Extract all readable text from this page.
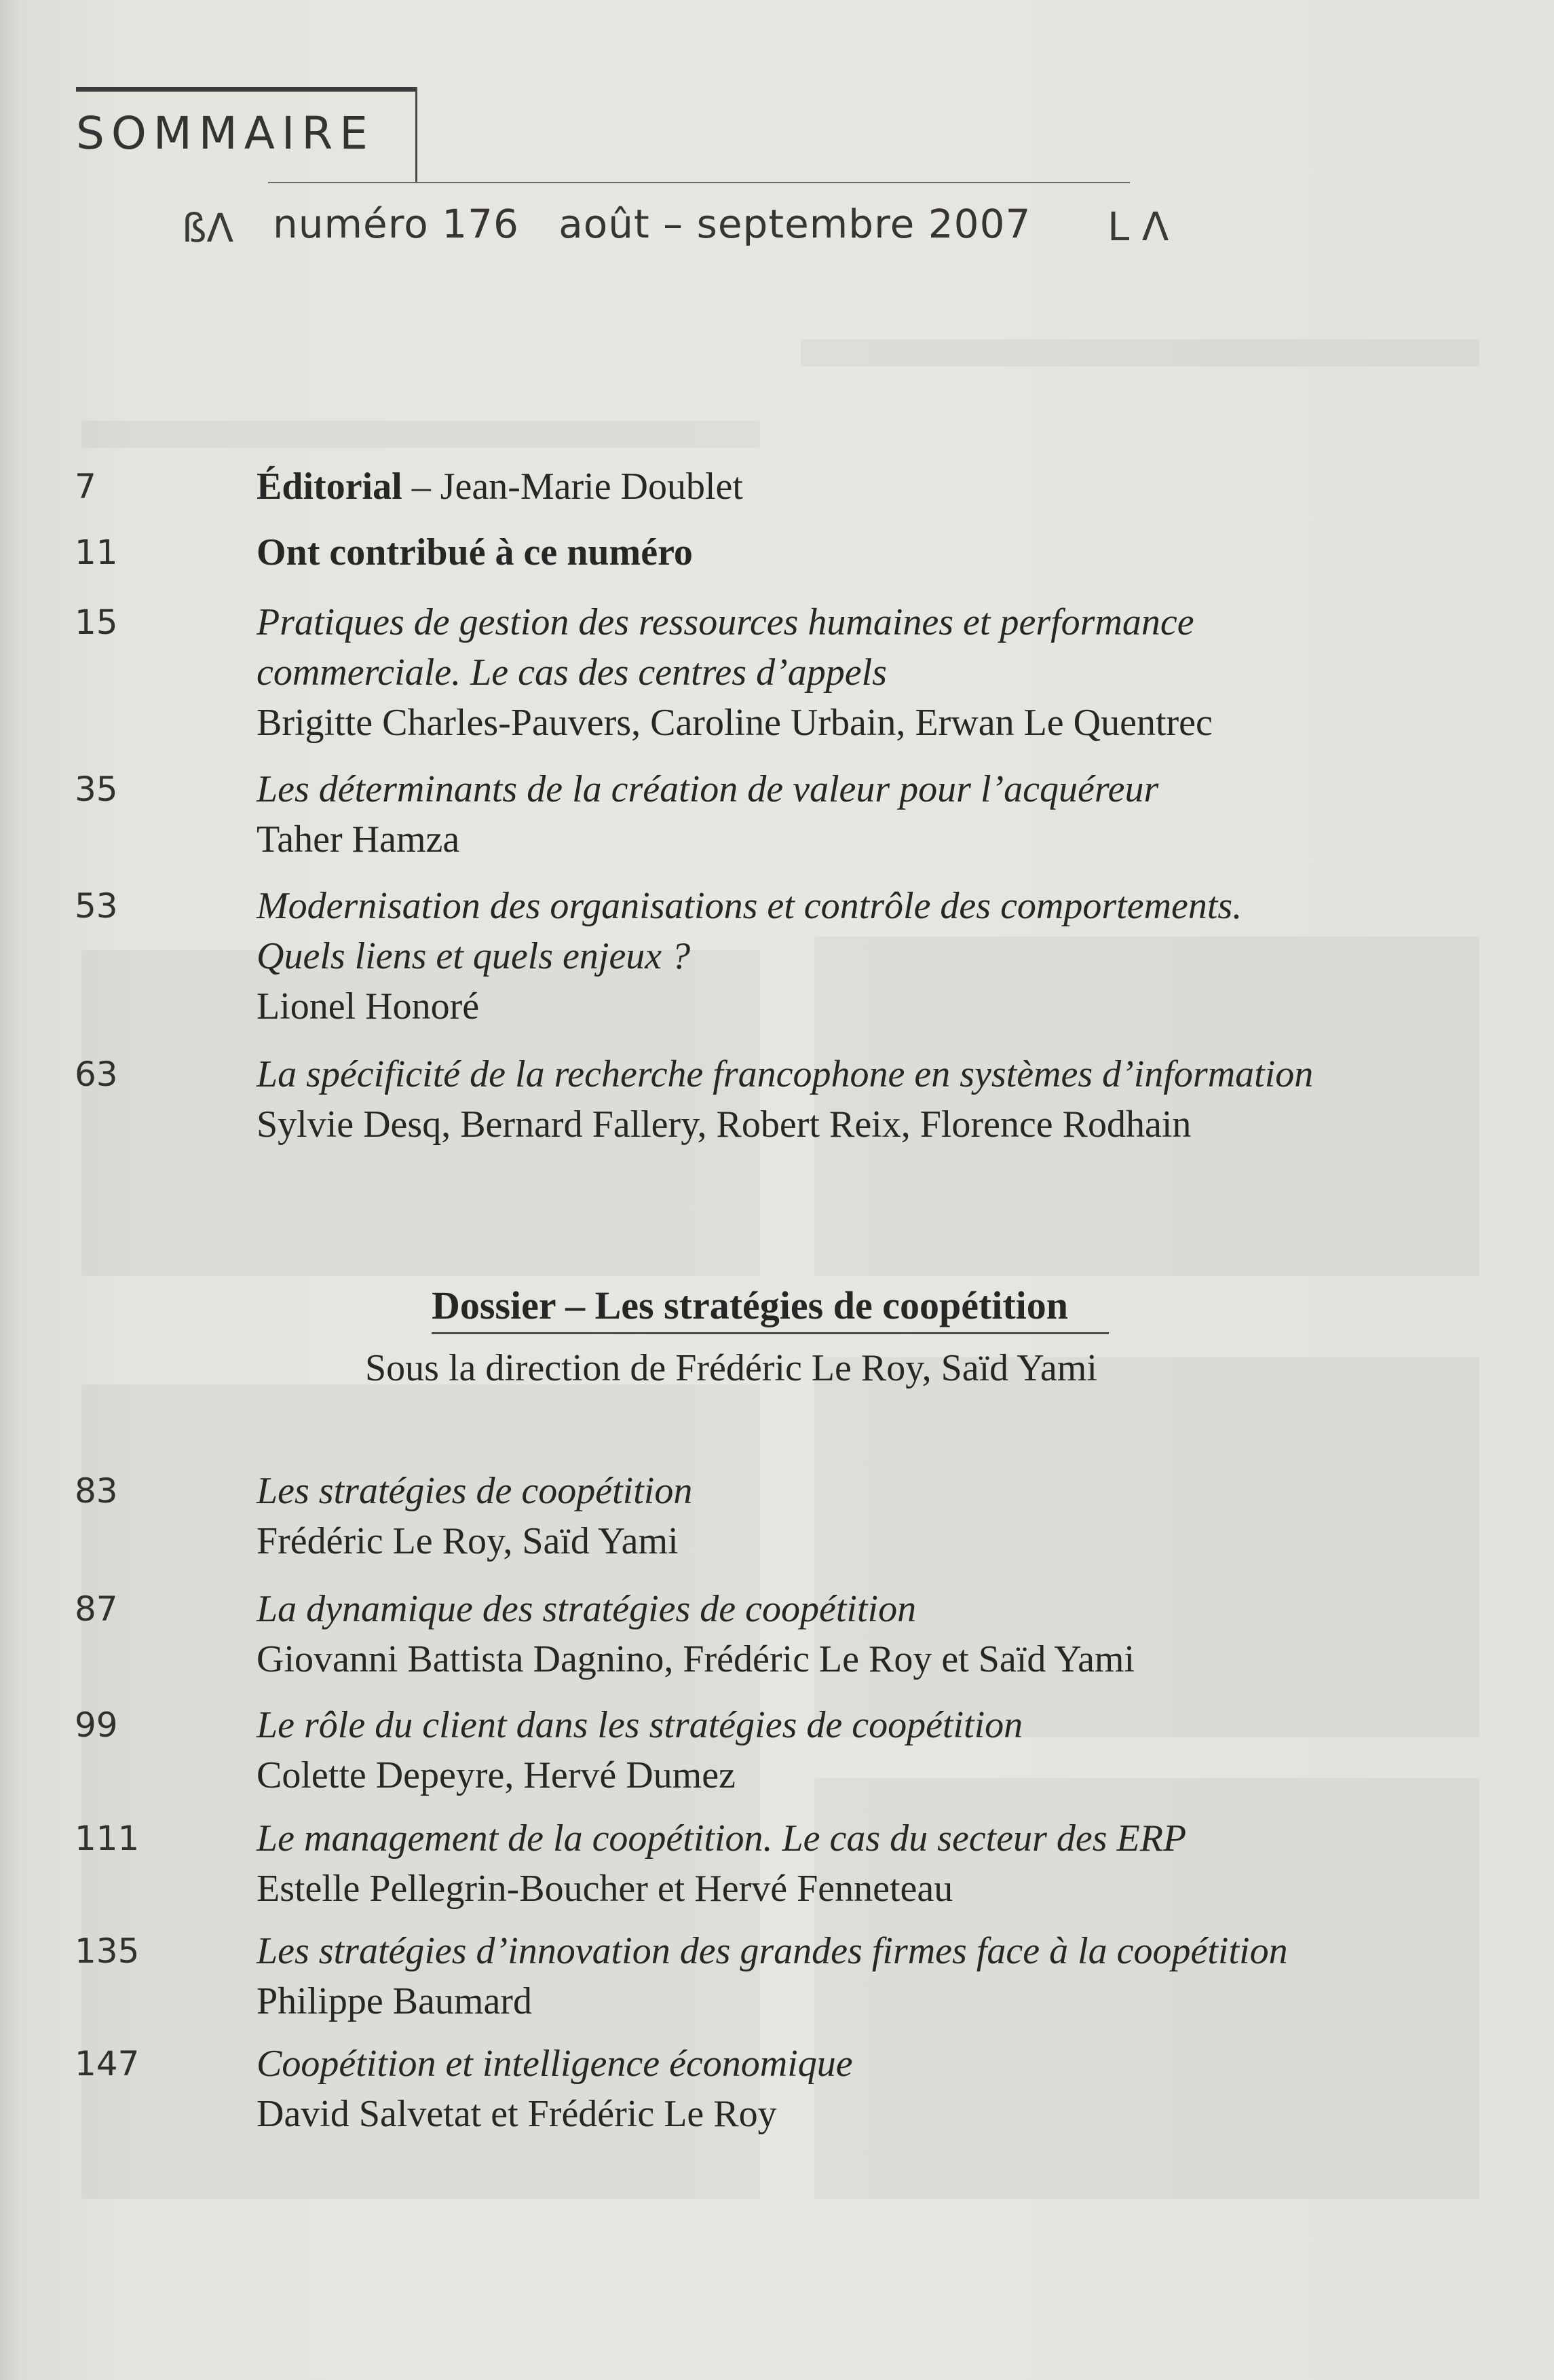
SOMMAIRE
ßΛ numéro 176   août – septembre 2007 L Λ
7	Éditorial – Jean-Marie Doublet
11	Ont contribué à ce numéro
15	Pratiques de gestion des ressources humaines et performance
commerciale. Le cas des centres d’appels
Brigitte Charles-Pauvers, Caroline Urbain, Erwan Le Quentrec
35	Les déterminants de la création de valeur pour l’acquéreur
Taher Hamza
53	Modernisation des organisations et contrôle des comportements.
Quels liens et quels enjeux ?
Lionel Honoré
63	La spécificité de la recherche francophone en systèmes d’information
Sylvie Desq, Bernard Fallery, Robert Reix, Florence Rodhain
Dossier – Les stratégies de coopétition
Sous la direction de Frédéric Le Roy, Saïd Yami
83	Les stratégies de coopétition
Frédéric Le Roy, Saïd Yami
87	La dynamique des stratégies de coopétition
Giovanni Battista Dagnino, Frédéric Le Roy et Saïd Yami
99	Le rôle du client dans les stratégies de coopétition
Colette Depeyre, Hervé Dumez
111	Le management de la coopétition. Le cas du secteur des ERP
Estelle Pellegrin-Boucher et Hervé Fenneteau
135	Les stratégies d’innovation des grandes firmes face à la coopétition
Philippe Baumard
147	Coopétition et intelligence économique
David Salvetat et Frédéric Le Roy
